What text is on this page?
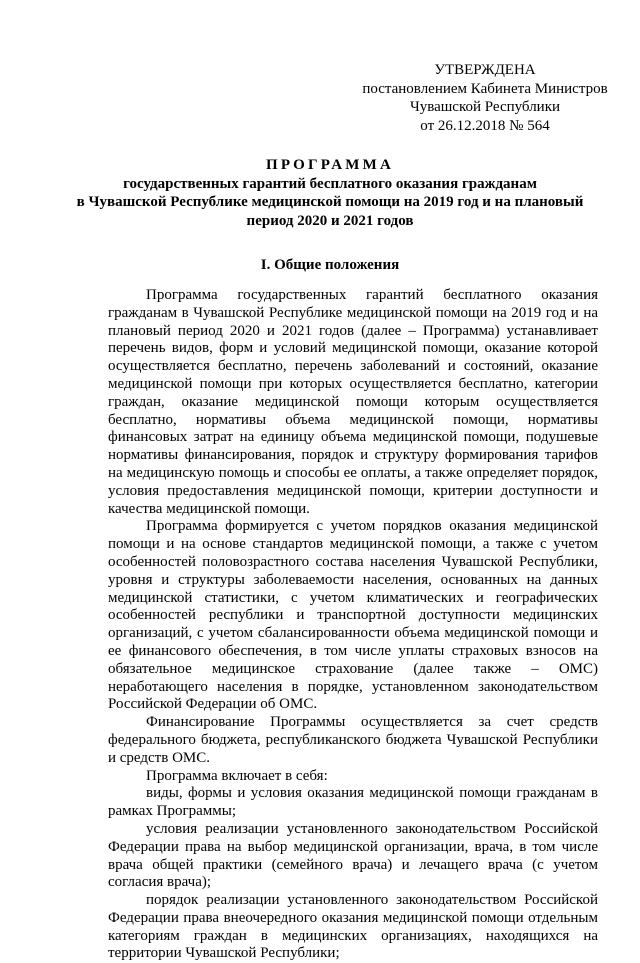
УТВЕРЖДЕНА
постановлением Кабинета Министров
Чувашской Республики
от 26.12.2018 № 564
ПРОГРАММА
государственных гарантий бесплатного оказания гражданам
в Чувашской Республике медицинской помощи на 2019 год и на плановый
период 2020 и 2021 годов
I. Общие положения

Программа государственных гарантий бесплатного оказания гражданам в Чувашской Республике медицинской помощи на 2019 год и на плановый период 2020 и 2021 годов (далее – Программа) устанавливает перечень видов, форм и условий медицинской помощи, оказание которой осуществляется бесплатно, перечень заболеваний и состояний, оказание медицинской помощи при которых осуществляется бесплатно, категории граждан, оказание медицинской помощи которым осуществляется бесплатно, нормативы объема медицинской помощи, нормативы финансовых затрат на единицу объема медицинской помощи, подушевые нормативы финансирования, порядок и структуру формирования тарифов на медицинскую помощь и способы ее оплаты, а также определяет порядок, условия предоставления медицинской помощи, критерии доступности и качества медицинской помощи.

Программа формируется с учетом порядков оказания медицинской помощи и на основе стандартов медицинской помощи, а также с учетом особенностей половозрастного состава населения Чувашской Республики, уровня и структуры заболеваемости населения, основанных на данных медицинской статистики, с учетом климатических и географических особенностей республики и транспортной доступности медицинских организаций, с учетом сбалансированности объема медицинской помощи и ее финансового обеспечения, в том числе уплаты страховых взносов на обязательное медицинское страхование (далее также – ОМС) неработающего населения в порядке, установленном законодательством Российской Федерации об ОМС.

Финансирование Программы осуществляется за счет средств федерального бюджета, республиканского бюджета Чувашской Республики и средств ОМС.

Программа включает в себя:

виды, формы и условия оказания медицинской помощи гражданам в рамках Программы;

условия реализации установленного законодательством Российской Федерации права на выбор медицинской организации, врача, в том числе врача общей практики (семейного врача) и лечащего врача (с учетом согласия врача);

порядок реализации установленного законодательством Российской Федерации права внеочередного оказания медицинской помощи отдельным категориям граждан в медицинских организациях, находящихся на территории Чувашской Республики;
